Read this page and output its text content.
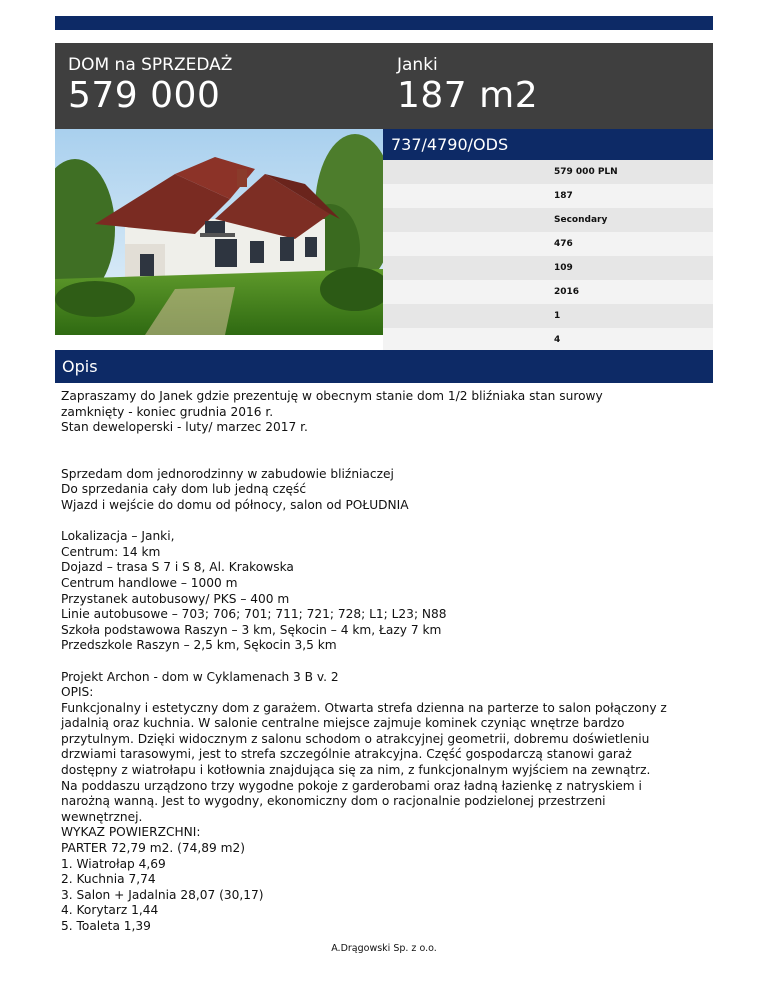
DOM na SPRZEDAŻ
579 000
Janki
187 m2
737/4790/ODS
579 000 PLN
187
Secondary
476
109
2016
1
4
Opis
Zapraszamy do Janek gdzie prezentuję w obecnym stanie dom 1/2 bliźniaka stan surowy
zamknięty - koniec grudnia 2016 r.
Stan deweloperski - luty/ marzec 2017 r.
Sprzedam dom jednorodzinny w zabudowie bliźniaczej
Do sprzedania cały dom lub jedną część
Wjazd i wejście do domu od północy, salon od POŁUDNIA
Lokalizacja – Janki,
Centrum: 14 km
Dojazd – trasa S 7 i S 8, Al. Krakowska
Centrum handlowe – 1000 m
Przystanek autobusowy/ PKS – 400 m
Linie autobusowe – 703; 706; 701; 711; 721; 728; L1; L23; N88
Szkoła podstawowa Raszyn – 3 km, Sękocin – 4 km, Łazy 7 km
Przedszkole Raszyn – 2,5 km, Sękocin 3,5 km
Projekt Archon - dom w Cyklamenach 3 B v. 2
OPIS:
Funkcjonalny i estetyczny dom z garażem. Otwarta strefa dzienna na parterze to salon połączony z
jadalnią oraz kuchnia. W salonie centralne miejsce zajmuje kominek czyniąc wnętrze bardzo
przytulnym. Dzięki widocznym z salonu schodom o atrakcyjnej geometrii, dobremu doświetleniu
drzwiami tarasowymi, jest to strefa szczególnie atrakcyjna. Część gospodarczą stanowi garaż
dostępny z wiatrołapu i kotłownia znajdująca się za nim, z funkcjonalnym wyjściem na zewnątrz.
Na poddaszu urządzono trzy wygodne pokoje z garderobami oraz ładną łazienkę z natryskiem i
narożną wanną. Jest to wygodny, ekonomiczny dom o racjonalnie podzielonej przestrzeni
wewnętrznej.
WYKAZ POWIERZCHNI:
PARTER 72,79 m2. (74,89 m2)
1. Wiatrołap 4,69
2. Kuchnia 7,74
3. Salon + Jadalnia 28,07 (30,17)
4. Korytarz 1,44
5. Toaleta 1,39
A.Drągowski Sp. z o.o.
